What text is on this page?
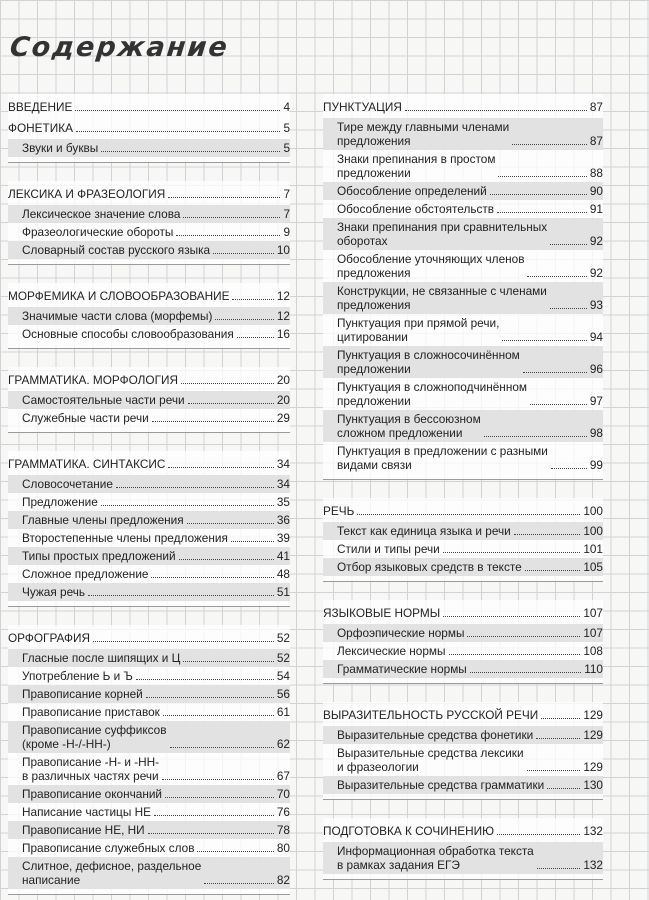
Содержание
ВВЕДЕНИЕ	4
ФОНЕТИКА	5
Звуки и буквы	5
ЛЕКСИКА И ФРАЗЕОЛОГИЯ	7
Лексическое значение слова	7
Фразеологические обороты	9
Словарный состав русского языка	10
МОРФЕМИКА И СЛОВООБРАЗОВАНИЕ	12
Значимые части слова (морфемы)	12
Основные способы словообразования	16
ГРАММАТИКА. МОРФОЛОГИЯ	20
Самостоятельные части речи	20
Служебные части речи	29
ГРАММАТИКА. СИНТАКСИС	34
Словосочетание	34
Предложение	35
Главные члены предложения	36
Второстепенные члены предложения	39
Типы простых предложений	41
Сложное предложение	48
Чужая речь	51
ОРФОГРАФИЯ	52
Гласные после шипящих и Ц	52
Употребление Ь и Ъ	54
Правописание корней	56
Правописание приставок	61
Правописание суффиксов
(кроме -Н-/-НН-)	62
Правописание -Н- и -НН-
в различных частях речи	67
Правописание окончаний	70
Написание частицы НЕ	76
Правописание НЕ, НИ	78
Правописание служебных слов	80
Слитное, дефисное, раздельное
написание	82
ПУНКТУАЦИЯ	87
Тире между главными членами
предложения	87
Знаки препинания в простом
предложении	88
Обособление определений	90
Обособление обстоятельств	91
Знаки препинания при сравнительных
оборотах	92
Обособление уточняющих членов
предложения	92
Конструкции, не связанные с членами
предложения	93
Пунктуация при прямой речи,
цитировании	94
Пунктуация в сложносочинённом
предложении	96
Пунктуация в сложноподчинённом
предложении	97
Пунктуация в бессоюзном
сложном предложении	98
Пунктуация в предложении с разными
видами связи	99
РЕЧЬ	100
Текст как единица языка и речи	100
Стили и типы речи	101
Отбор языковых средств в тексте	105
ЯЗЫКОВЫЕ НОРМЫ	107
Орфоэпические нормы	107
Лексические нормы	108
Грамматические нормы	110
ВЫРАЗИТЕЛЬНОСТЬ РУССКОЙ РЕЧИ	129
Выразительные средства фонетики	129
Выразительные средства лексики
и фразеологии	129
Выразительные средства грамматики	130
ПОДГОТОВКА К СОЧИНЕНИЮ	132
Информационная обработка текста
в рамках задания ЕГЭ	132
